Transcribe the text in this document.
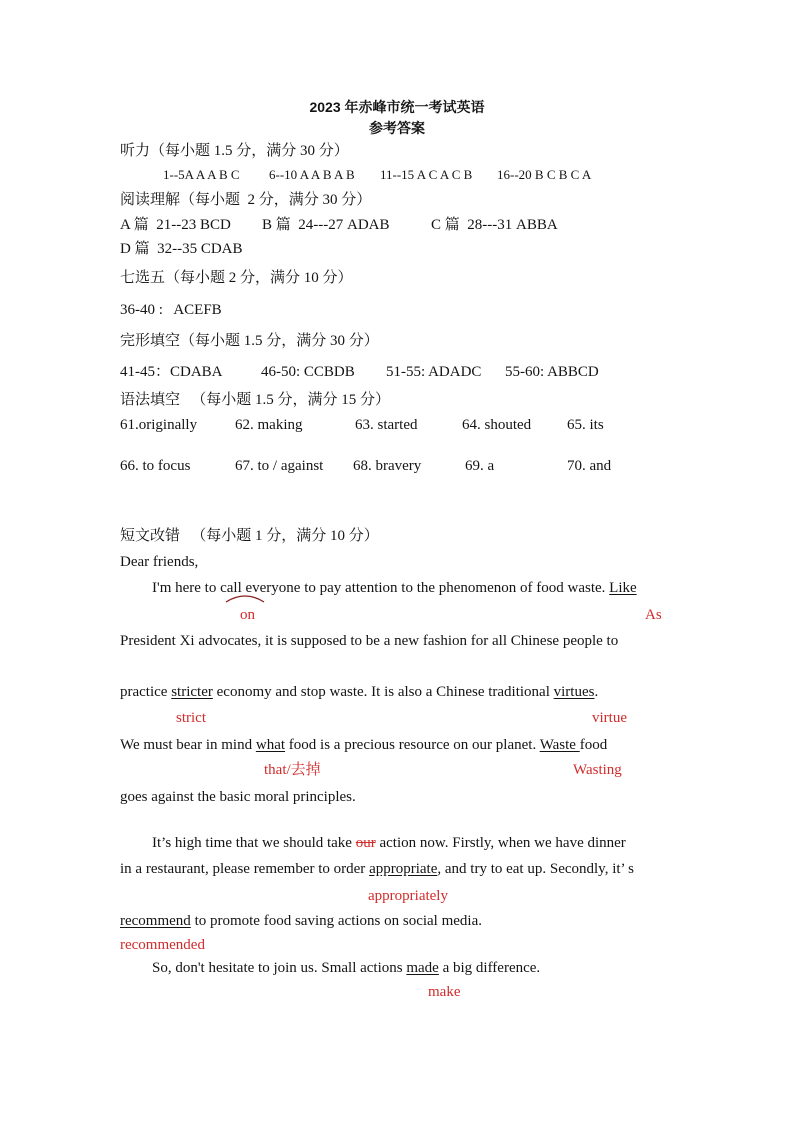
2023 年赤峰市统一考试英语
参考答案
听力（每小题 1.5 分，满分 30 分）
1--5A A A B C 6--10 A A B A B 11--15 A C A C B 16--20 B C B C A
阅读理解（每小题  2 分，满分 30 分）
A 篇  21--23 BCD B 篇  24---27 ADAB	C 篇  28---31 ABBA
D 篇  32--35 CDAB
七选五（每小题 2 分，满分 10 分）
36-40 :   ACEFB
完形填空（每小题 1.5 分，满分 30 分）
41-45：CDABA	46-50: CCBDB 51-55: ADADC 55-60: ABBCD
语法填空   （每小题 1.5 分，满分 15 分）
61.originally	62. making	63. started	64. shouted 65. its
66. to focus	67. to / against 68. bravery	69. a	70. and
短文改错   （每小题 1 分，满分 10 分）
Dear friends,
I'm here to call everyone to pay attention to the phenomenon of food waste. Like
on	As
President Xi advocates, it is supposed to be a new fashion for all Chinese people to
practice stricter economy and stop waste. It is also a Chinese traditional virtues.
strict	virtue
We must bear in mind what food is a precious resource on our planet. Waste food
that/去掉	Wasting
goes against the basic moral principles.
It’s high time that we should take our action now. Firstly, when we have dinner
in a restaurant, please remember to order appropriate, and try to eat up. Secondly, it’ s
appropriately
recommend to promote food saving actions on social media.
recommended
So, don't hesitate to join us. Small actions made a big difference.
make
